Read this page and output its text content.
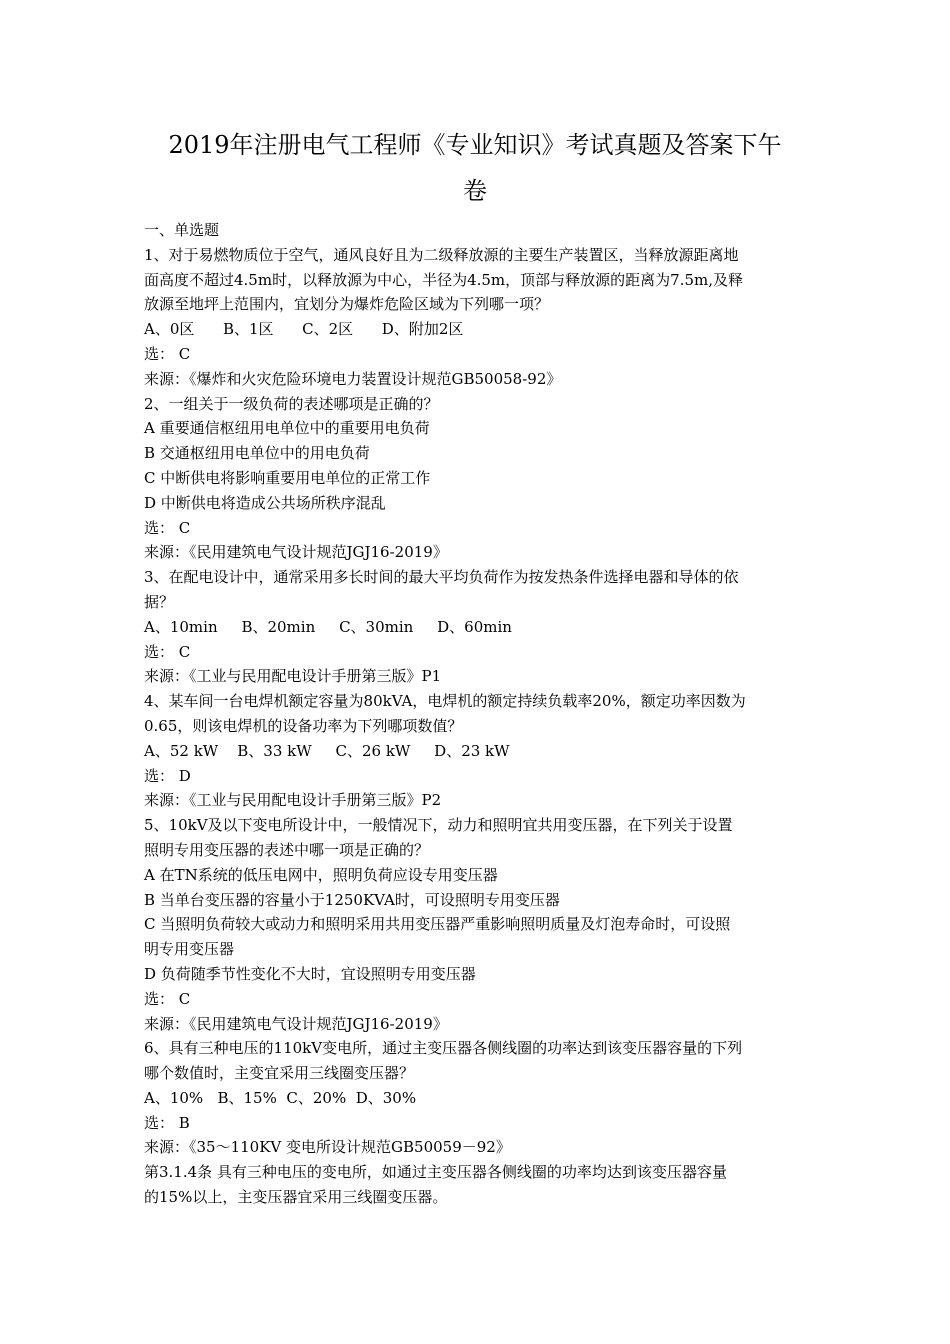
2019年注册电气工程师《专业知识》考试真题及答案下午
卷
一、单选题
1、对于易燃物质位于空气，通风良好且为二级释放源的主要生产装置区，当释放源距离地
面高度不超过4.5m时，以释放源为中心，半径为4.5m，顶部与释放源的距离为7.5m,及释
放源至地坪上范围内，宜划分为爆炸危险区域为下列哪一项？
A、0区      B、1区      C、2区      D、附加2区
选： C
来源：《爆炸和火灾危险环境电力装置设计规范GB50058-92》
2、一组关于一级负荷的表述哪项是正确的？
A 重要通信枢纽用电单位中的重要用电负荷
B 交通枢纽用电单位中的用电负荷
C 中断供电将影响重要用电单位的正常工作
D 中断供电将造成公共场所秩序混乱
选： C
来源：《民用建筑电气设计规范JGJ16-2019》
3、在配电设计中，通常采用多长时间的最大平均负荷作为按发热条件选择电器和导体的依
据？
A、10min     B、20min     C、30min     D、60min
选： C
来源：《工业与民用配电设计手册第三版》P1
4、某车间一台电焊机额定容量为80kVA，电焊机的额定持续负载率20%，额定功率因数为
0.65，则该电焊机的设备功率为下列哪项数值？
A、52 kW    B、33 kW     C、26 kW     D、23 kW
选： D
来源：《工业与民用配电设计手册第三版》P2
5、10kV及以下变电所设计中，一般情况下，动力和照明宜共用变压器，在下列关于设置
照明专用变压器的表述中哪一项是正确的？
A 在TN系统的低压电网中，照明负荷应设专用变压器
B 当单台变压器的容量小于1250KVA时，可设照明专用变压器
C 当照明负荷较大或动力和照明采用共用变压器严重影响照明质量及灯泡寿命时，可设照
明专用变压器
D 负荷随季节性变化不大时，宜设照明专用变压器
选： C
来源：《民用建筑电气设计规范JGJ16-2019》
6、具有三种电压的110kV变电所，通过主变压器各侧线圈的功率达到该变压器容量的下列
哪个数值时，主变宜采用三线圈变压器？
A、10%   B、15%  C、20%  D、30%
选： B
来源：《35～110KV 变电所设计规范GB50059－92》
第3.1.4条 具有三种电压的变电所，如通过主变压器各侧线圈的功率均达到该变压器容量
的15%以上，主变压器宜采用三线圈变压器。
